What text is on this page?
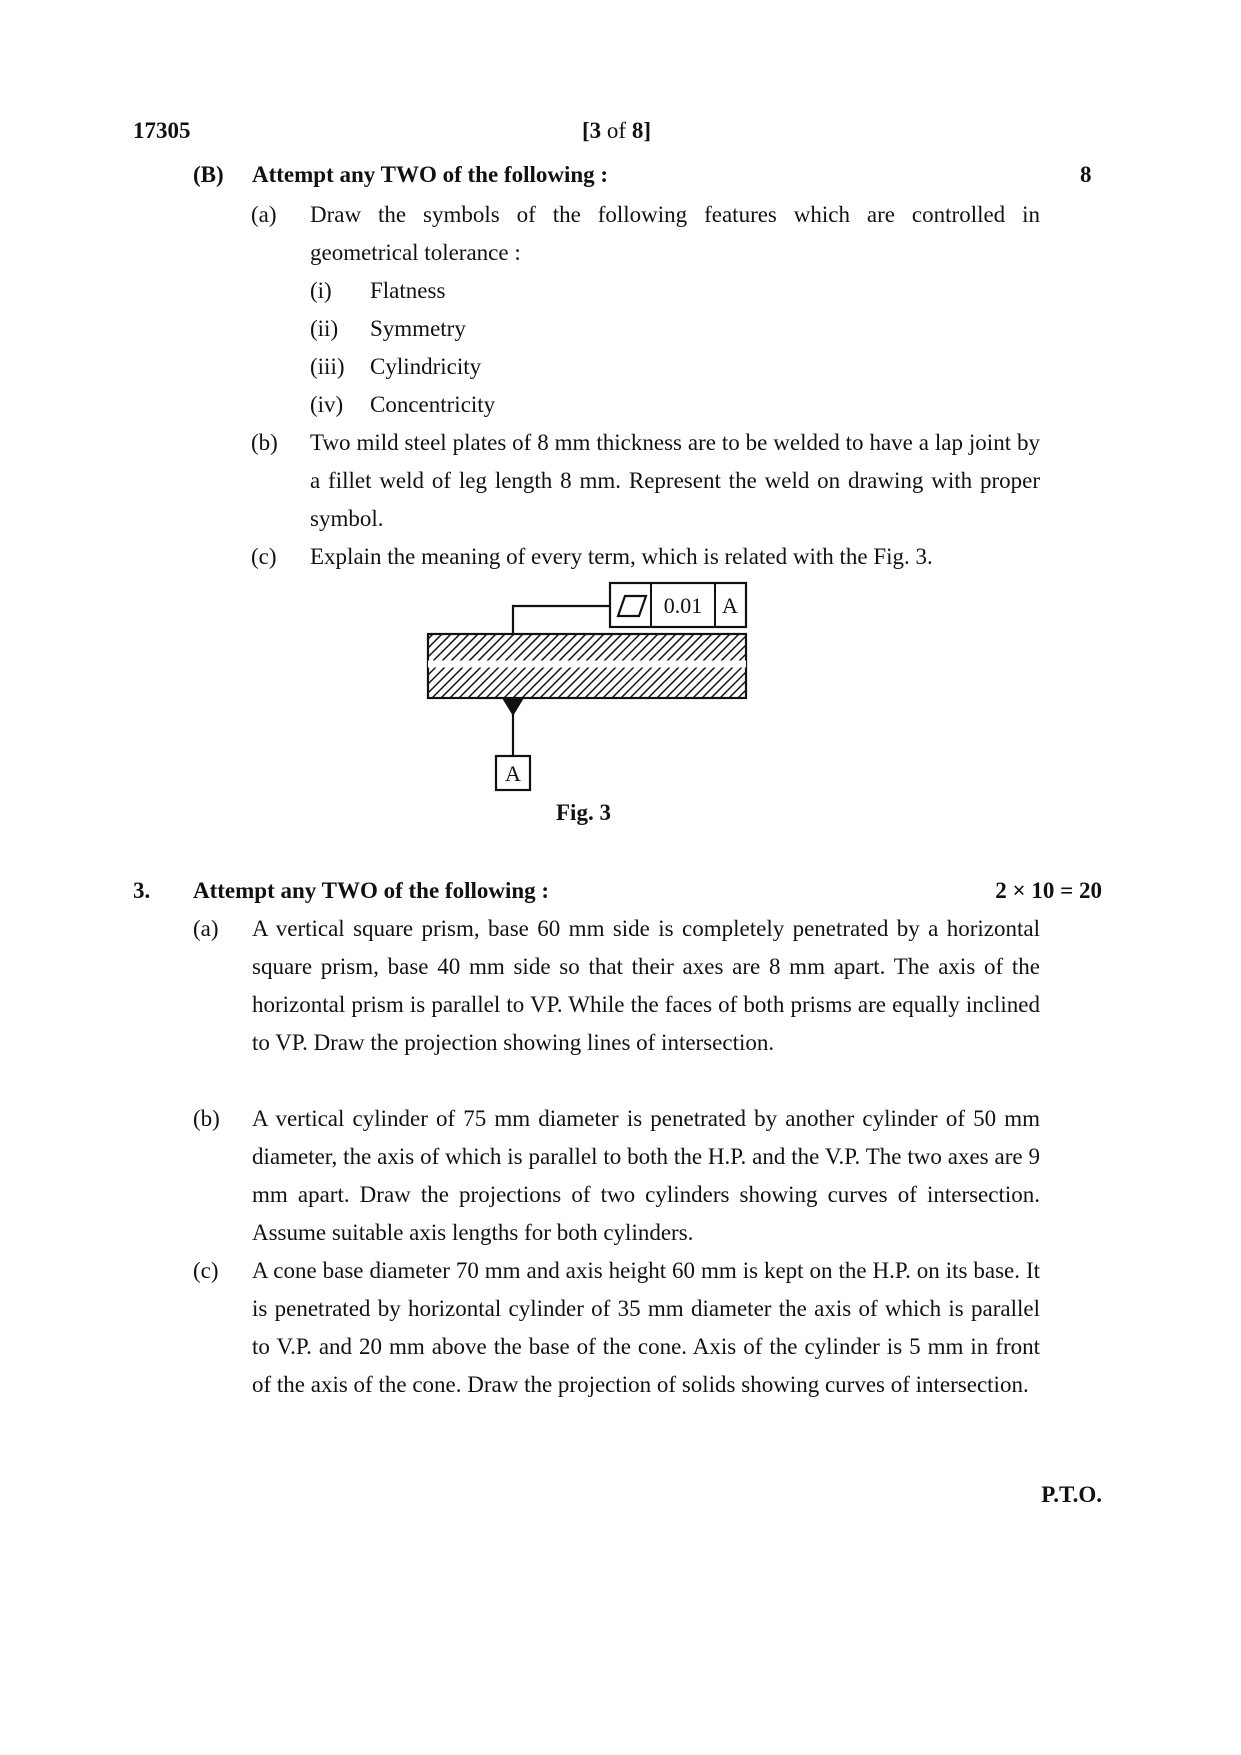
17305	[3 of 8]
(B) Attempt any TWO of the following :	8
(a) Draw the symbols of the following features which are controlled in geometrical tolerance :
(i) Flatness
(ii) Symmetry
(iii) Cylindricity
(iv) Concentricity
(b) Two mild steel plates of 8 mm thickness are to be welded to have a lap joint by a fillet weld of leg length 8 mm. Represent the weld on drawing with proper symbol.
(c) Explain the meaning of every term, which is related with the Fig. 3.
0.01 A
A
Fig. 3
3. Attempt any TWO of the following :	2 × 10 = 20
(a) A vertical square prism, base 60 mm side is completely penetrated by a horizontal square prism, base 40 mm side so that their axes are 8 mm apart. The axis of the horizontal prism is parallel to VP. While the faces of both prisms are equally inclined to VP. Draw the projection showing lines of intersection.
(b) A vertical cylinder of 75 mm diameter is penetrated by another cylinder of 50 mm diameter, the axis of which is parallel to both the H.P. and the V.P. The two axes are 9 mm apart. Draw the projections of two cylinders showing curves of intersection. Assume suitable axis lengths for both cylinders.
(c) A cone base diameter 70 mm and axis height 60 mm is kept on the H.P. on its base. It is penetrated by horizontal cylinder of 35 mm diameter the axis of which is parallel to V.P. and 20 mm above the base of the cone. Axis of the cylinder is 5 mm in front of the axis of the cone. Draw the projection of solids showing curves of intersection.
P.T.O.
